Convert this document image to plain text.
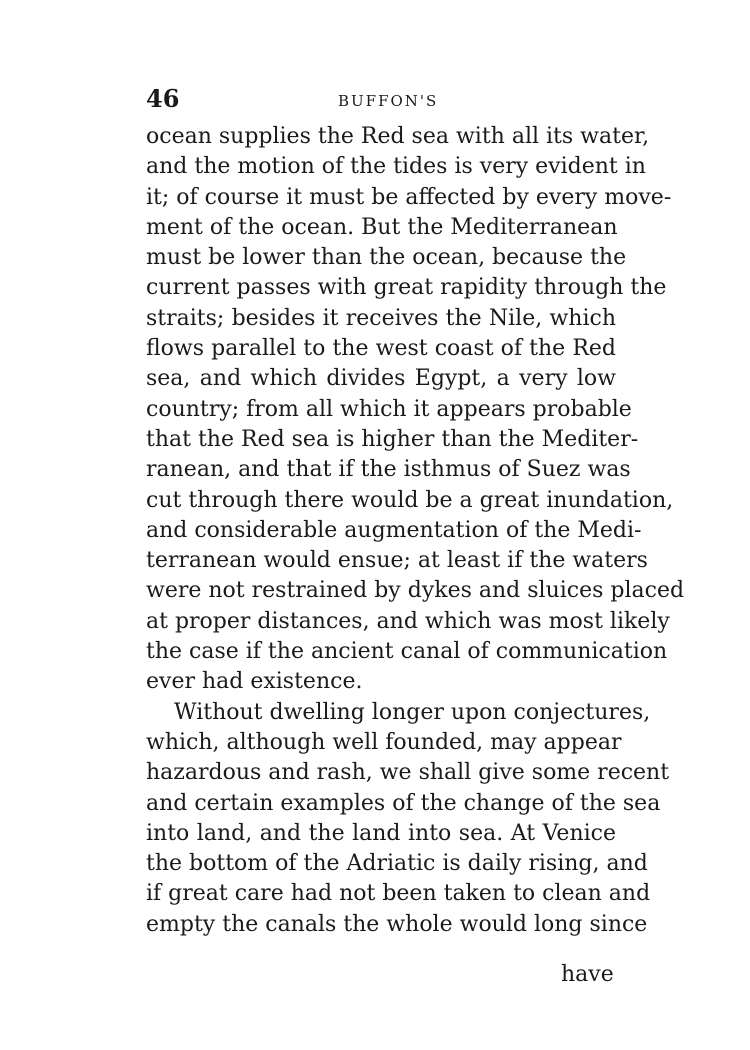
46	BUFFON'S
ocean supplies the Red sea with all its water,
and the motion of the tides is very evident in
it; of course it must be affected by every move-
ment of the ocean. But the Mediterranean
must be lower than the ocean, because the
current passes with great rapidity through the
straits; besides it receives the Nile, which
flows parallel to the west coast of the Red
sea, and which divides Egypt, a very low
country; from all which it appears probable
that the Red sea is higher than the Mediter-
ranean, and that if the isthmus of Suez was
cut through there would be a great inundation,
and considerable augmentation of the Medi-
terranean would ensue; at least if the waters
were not restrained by dykes and sluices placed
at proper distances, and which was most likely
the case if the ancient canal of communication
ever had existence.
Without dwelling longer upon conjectures,
which, although well founded, may appear
hazardous and rash, we shall give some recent
and certain examples of the change of the sea
into land, and the land into sea. At Venice
the bottom of the Adriatic is daily rising, and
if great care had not been taken to clean and
empty the canals the whole would long since
have
